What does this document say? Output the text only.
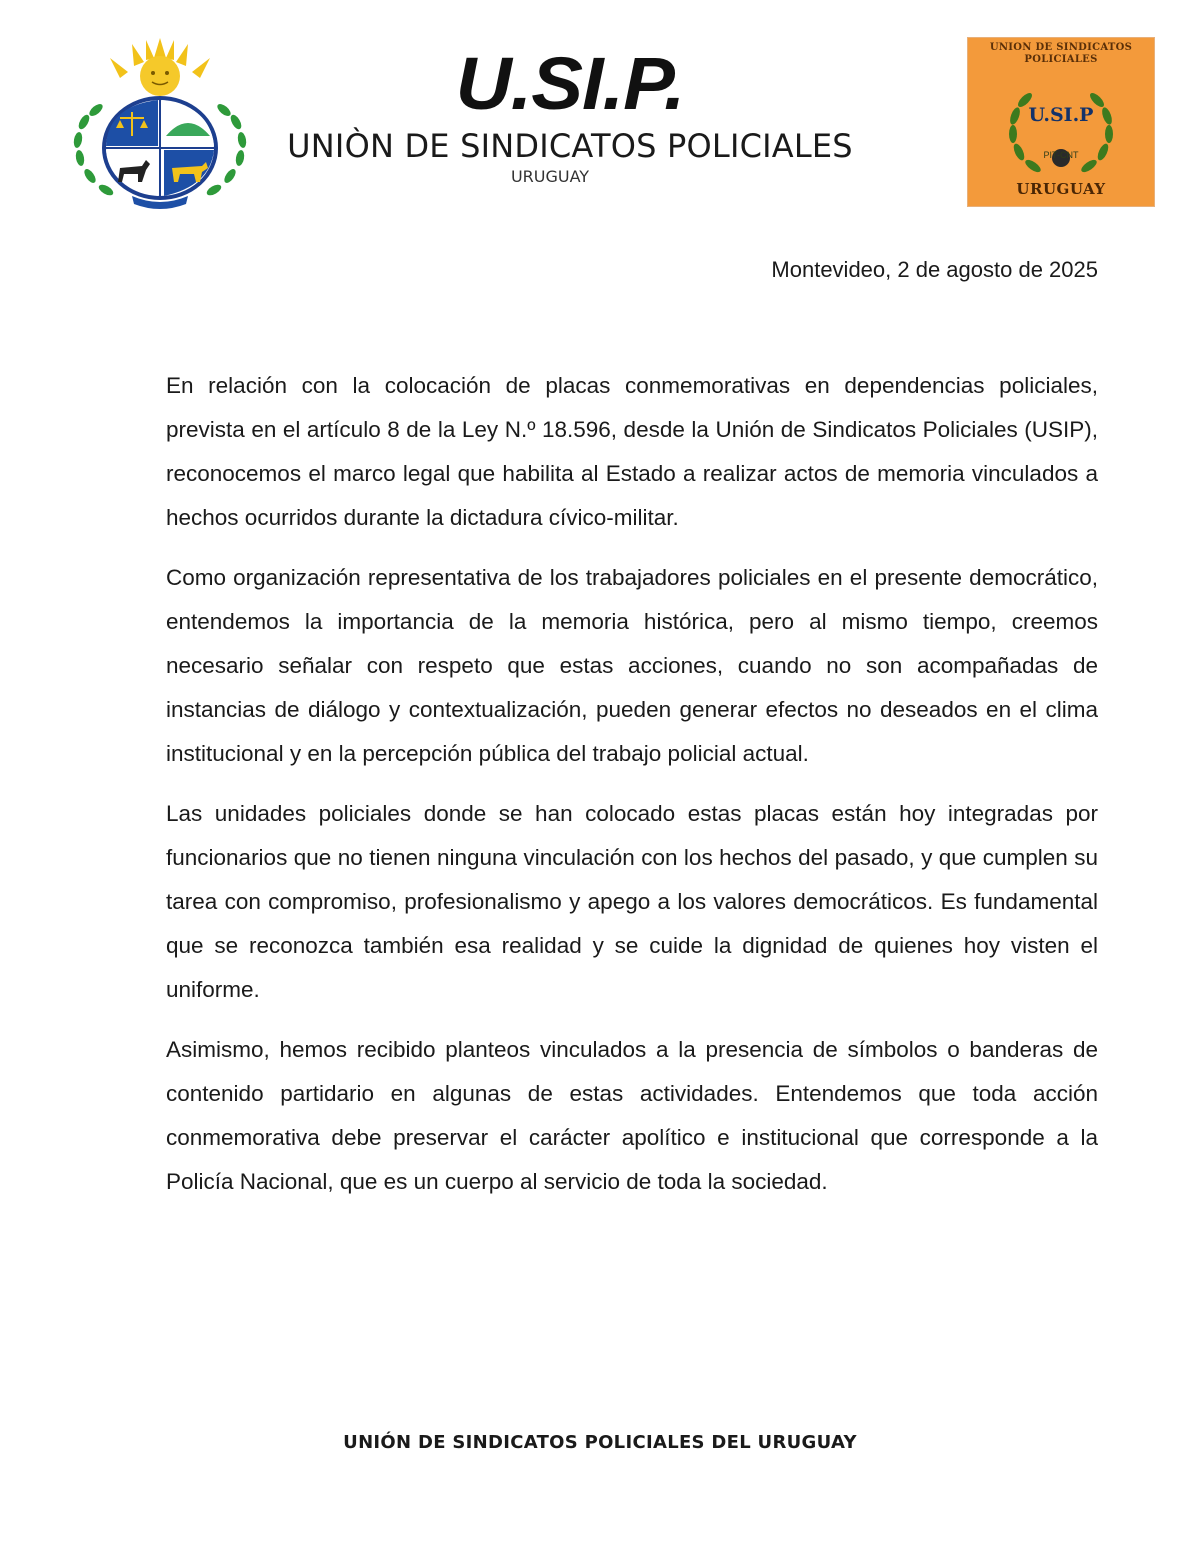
U.SI.P.
UNIÒN DE SINDICATOS POLICIALES
URUGUAY
UNION DE SINDICATOS POLICIALES
U.SI.P
PIT-CNT
URUGUAY
Montevideo, 2 de agosto de 2025

En relación con la colocación de placas conmemorativas en dependencias policiales, prevista en el artículo 8 de la Ley N.º 18.596, desde la Unión de Sindicatos Policiales (USIP), reconocemos el marco legal que habilita al Estado a realizar actos de memoria vinculados a hechos ocurridos durante la dictadura cívico-militar.

Como organización representativa de los trabajadores policiales en el presente democrático, entendemos la importancia de la memoria histórica, pero al mismo tiempo, creemos necesario señalar con respeto que estas acciones, cuando no son acompañadas de instancias de diálogo y contextualización, pueden generar efectos no deseados en el clima institucional y en la percepción pública del trabajo policial actual.

Las unidades policiales donde se han colocado estas placas están hoy integradas por funcionarios que no tienen ninguna vinculación con los hechos del pasado, y que cumplen su tarea con compromiso, profesionalismo y apego a los valores democráticos. Es fundamental que se reconozca también esa realidad y se cuide la dignidad de quienes hoy visten el uniforme.

Asimismo, hemos recibido planteos vinculados a la presencia de símbolos o banderas de contenido partidario en algunas de estas actividades. Entendemos que toda acción conmemorativa debe preservar el carácter apolítico e institucional que corresponde a la Policía Nacional, que es un cuerpo al servicio de toda la sociedad.

UNIÓN DE SINDICATOS POLICIALES DEL URUGUAY
